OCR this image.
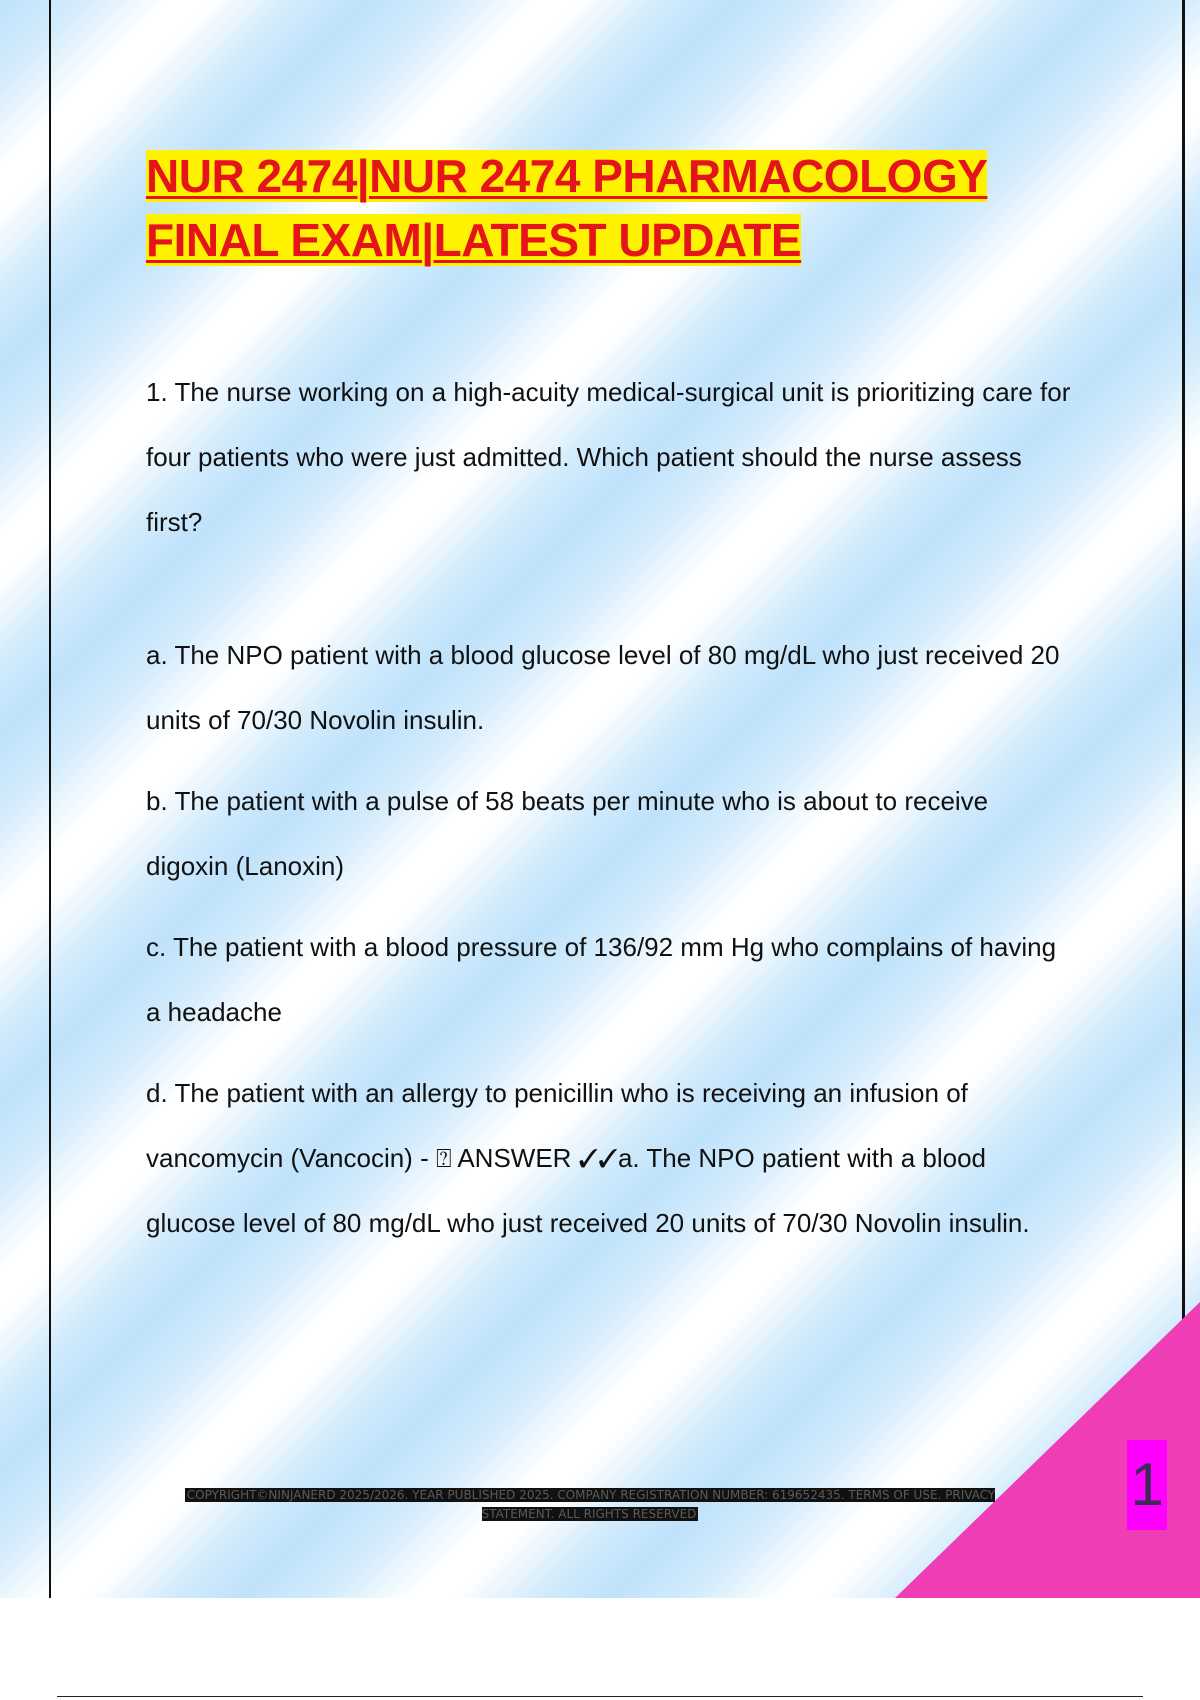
NUR 2474|NUR 2474 PHARMACOLOGY
FINAL EXAM|LATEST UPDATE

1. The nurse working on a high-acuity medical-surgical unit is prioritizing care for four patients who were just admitted. Which patient should the nurse assess first?

a. The NPO patient with a blood glucose level of 80 mg/dL who just received 20 units of 70/30 Novolin insulin.

b. The patient with a pulse of 58 beats per minute who is about to receive digoxin (Lanoxin)

c. The patient with a blood pressure of 136/92 mm Hg who complains of having a headache

d. The patient with an allergy to penicillin who is receiving an infusion of vancomycin (Vancocin) - ⍰ ANSWER ✓✓a. The NPO patient with a blood glucose level of 80 mg/dL who just received 20 units of 70/30 Novolin insulin.

1
COPYRIGHT©NINJANERD 2025/2026. YEAR PUBLISHED 2025. COMPANY REGISTRATION NUMBER: 619652435. TERMS OF USE. PRIVACY STATEMENT. ALL RIGHTS RESERVED
